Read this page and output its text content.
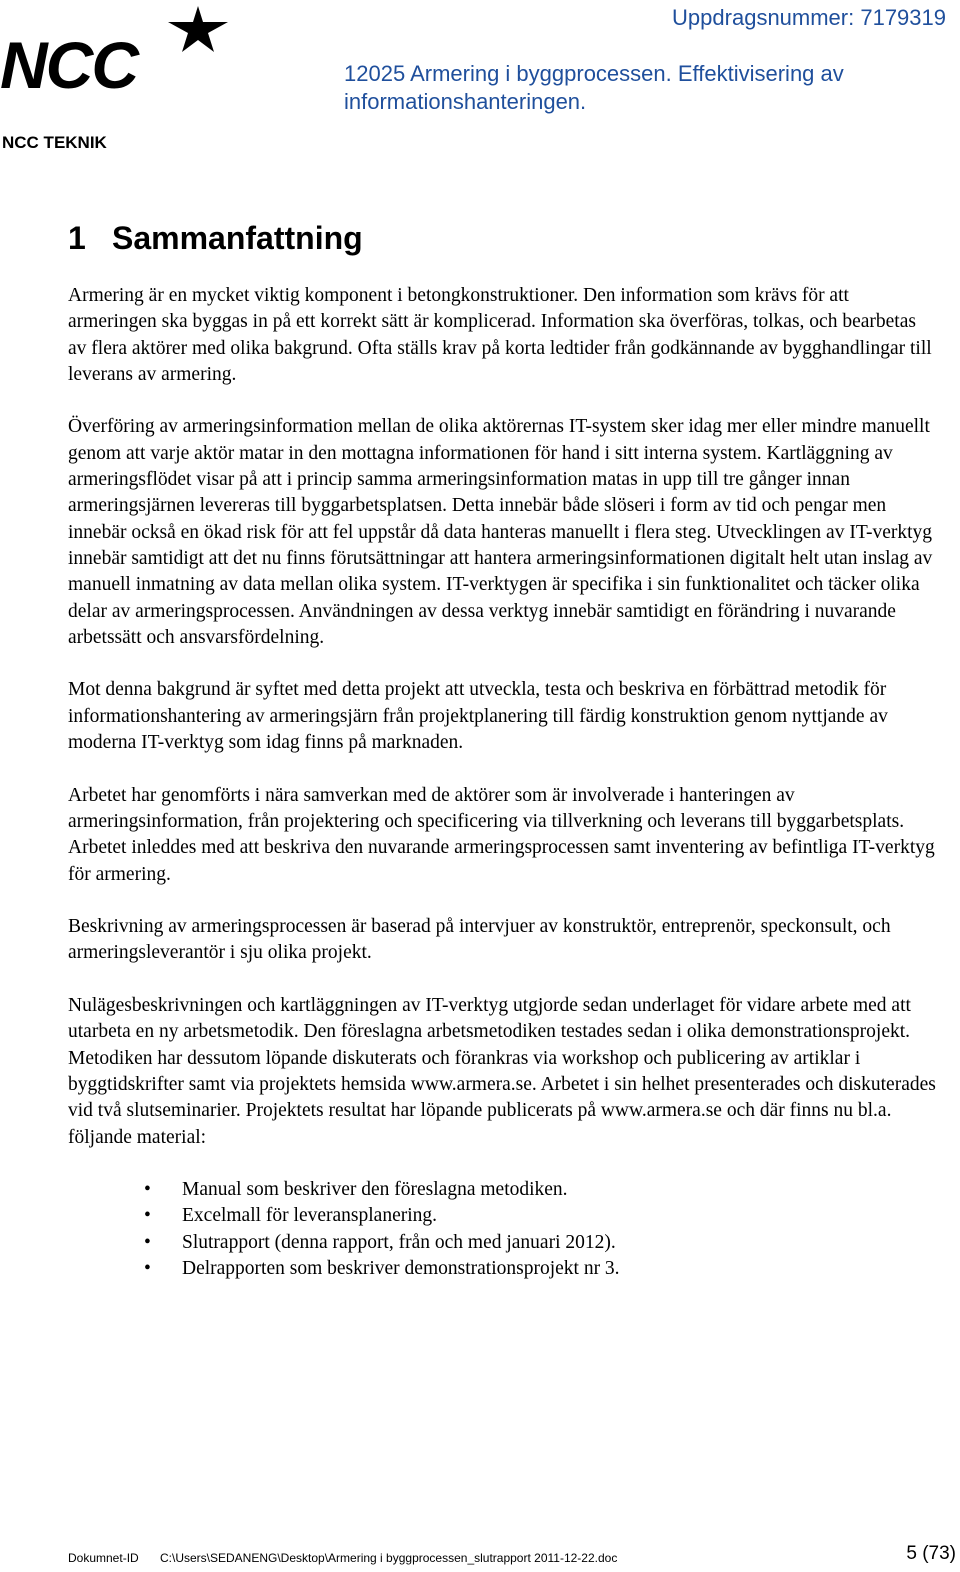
NCC
NCC TEKNIK
Uppdragsnummer: 7179319
12025 Armering i byggprocessen. Effektivisering av informationshanteringen.
1 Sammanfattning

Armering är en mycket viktig komponent i betongkonstruktioner. Den information som krävs för att armeringen ska byggas in på ett korrekt sätt är komplicerad. Information ska överföras, tolkas, och bearbetas av flera aktörer med olika bakgrund. Ofta ställs krav på korta ledtider från godkännande av bygghandlingar till leverans av armering.

Överföring av armeringsinformation mellan de olika aktörernas IT-system sker idag mer eller mindre manuellt genom att varje aktör matar in den mottagna informationen för hand i sitt interna system. Kartläggning av armeringsflödet visar på att i princip samma armeringsinformation matas in upp till tre gånger innan armeringsjärnen levereras till byggarbetsplatsen. Detta innebär både slöseri i form av tid och pengar men innebär också en ökad risk för att fel uppstår då data hanteras manuellt i flera steg. Utvecklingen av IT-verktyg innebär samtidigt att det nu finns förutsättningar att hantera armeringsinformationen digitalt helt utan inslag av manuell inmatning av data mellan olika system. IT-verktygen är specifika i sin funktionalitet och täcker olika delar av armeringsprocessen. Användningen av dessa verktyg innebär samtidigt en förändring i nuvarande arbetssätt och ansvarsfördelning.

Mot denna bakgrund är syftet med detta projekt att utveckla, testa och beskriva en förbättrad metodik för informationshantering av armeringsjärn från projektplanering till färdig konstruktion genom nyttjande av moderna IT-verktyg som idag finns på marknaden.

Arbetet har genomförts i nära samverkan med de aktörer som är involverade i hanteringen av armeringsinformation, från projektering och specificering via tillverkning och leverans till byggarbetsplats. Arbetet inleddes med att beskriva den nuvarande armeringsprocessen samt inventering av befintliga IT-verktyg för armering.

Beskrivning av armeringsprocessen är baserad på intervjuer av konstruktör, entreprenör, speckonsult, och armeringsleverantör i sju olika projekt.

Nulägesbeskrivningen och kartläggningen av IT-verktyg utgjorde sedan underlaget för vidare arbete med att utarbeta en ny arbetsmetodik. Den föreslagna arbetsmetodiken testades sedan i olika demonstrationsprojekt. Metodiken har dessutom löpande diskuterats och förankras via workshop och publicering av artiklar i byggtidskrifter samt via projektets hemsida www.armera.se. Arbetet i sin helhet presenterades och diskuterades vid två slutseminarier. Projektets resultat har löpande publicerats på www.armera.se och där finns nu bl.a. följande material:

• Manual som beskriver den föreslagna metodiken.
• Excelmall för leveransplanering.
• Slutrapport (denna rapport, från och med januari 2012).
• Delrapporten som beskriver demonstrationsprojekt nr 3.
Dokumnet-ID C:\Users\SEDANENG\Desktop\Armering i byggprocessen_slutrapport 2011-12-22.doc	5 (73)
